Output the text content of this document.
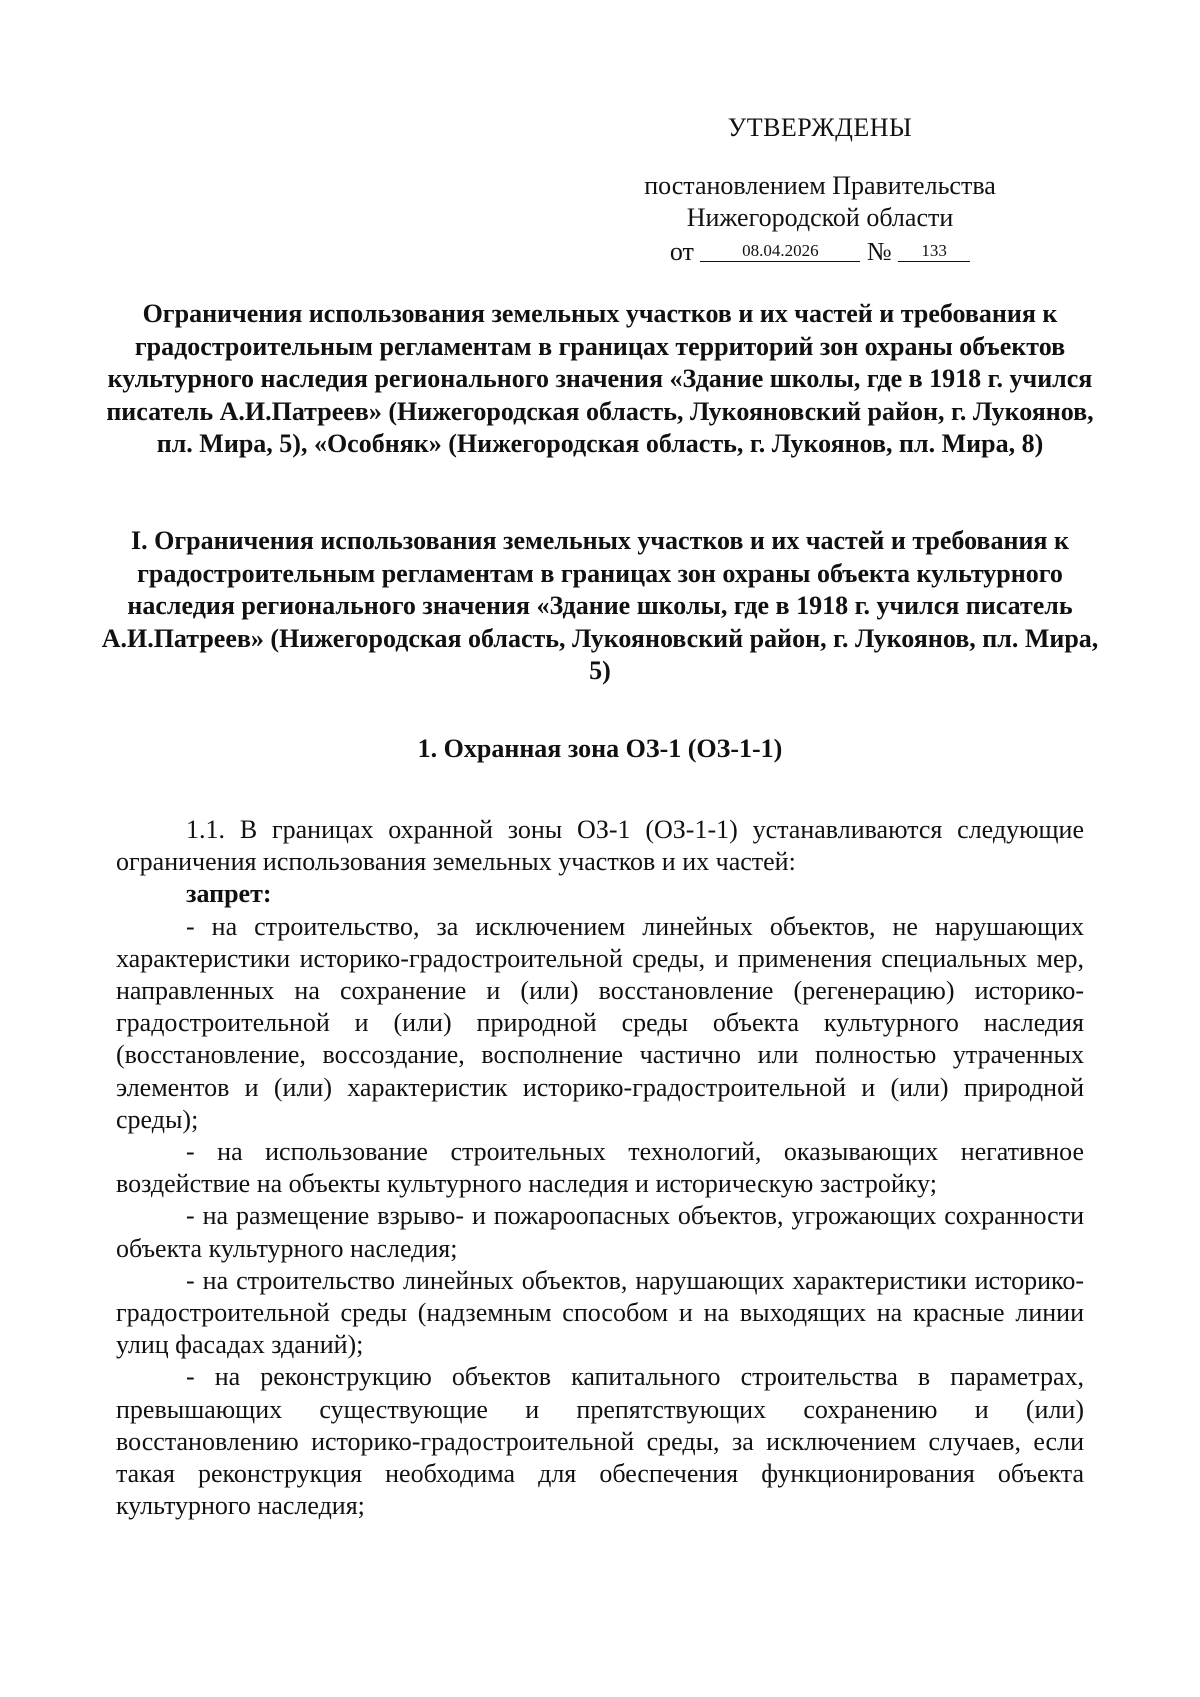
УТВЕРЖДЕНЫ
постановлением Правительства
Нижегородской области
от	08.04.2026 № 133
Ограничения использования земельных участков и их частей и требования к градостроительным регламентам в границах территорий зон охраны объектов культурного наследия регионального значения «Здание школы, где в 1918 г. учился писатель А.И.Патреев» (Нижегородская область, Лукояновский район, г. Лукоянов, пл. Мира, 5), «Особняк» (Нижегородская область, г. Лукоянов, пл. Мира, 8)
I. Ограничения использования земельных участков и их частей и требования к градостроительным регламентам в границах зон охраны объекта культурного наследия регионального значения «Здание школы, где в 1918 г. учился писатель А.И.Патреев» (Нижегородская область, Лукояновский район, г. Лукоянов, пл. Мира, 5)
1. Охранная зона ОЗ-1 (ОЗ-1-1)

1.1. В границах охранной зоны ОЗ-1 (ОЗ-1-1) устанавливаются следующие ограничения использования земельных участков и их частей:

запрет:

- на строительство, за исключением линейных объектов, не нарушающих характеристики историко-градостроительной среды, и применения специальных мер, направленных на сохранение и (или) восстановление (регенерацию) историко-градостроительной и (или) природной среды объекта культурного наследия (восстановление, воссоздание, восполнение частично или полностью утраченных элементов и (или) характеристик историко-градостроительной и (или) природной среды);

- на использование строительных технологий, оказывающих негативное воздействие на объекты культурного наследия и историческую застройку;

- на размещение взрыво- и пожароопасных объектов, угрожающих сохранности объекта культурного наследия;

- на строительство линейных объектов, нарушающих характеристики историко-градостроительной среды (надземным способом и на выходящих на красные линии улиц фасадах зданий);

- на реконструкцию объектов капитального строительства в параметрах, превышающих существующие и препятствующих сохранению и (или) восстановлению историко-градостроительной среды, за исключением случаев, если такая реконструкция необходима для обеспечения функционирования объекта культурного наследия;
